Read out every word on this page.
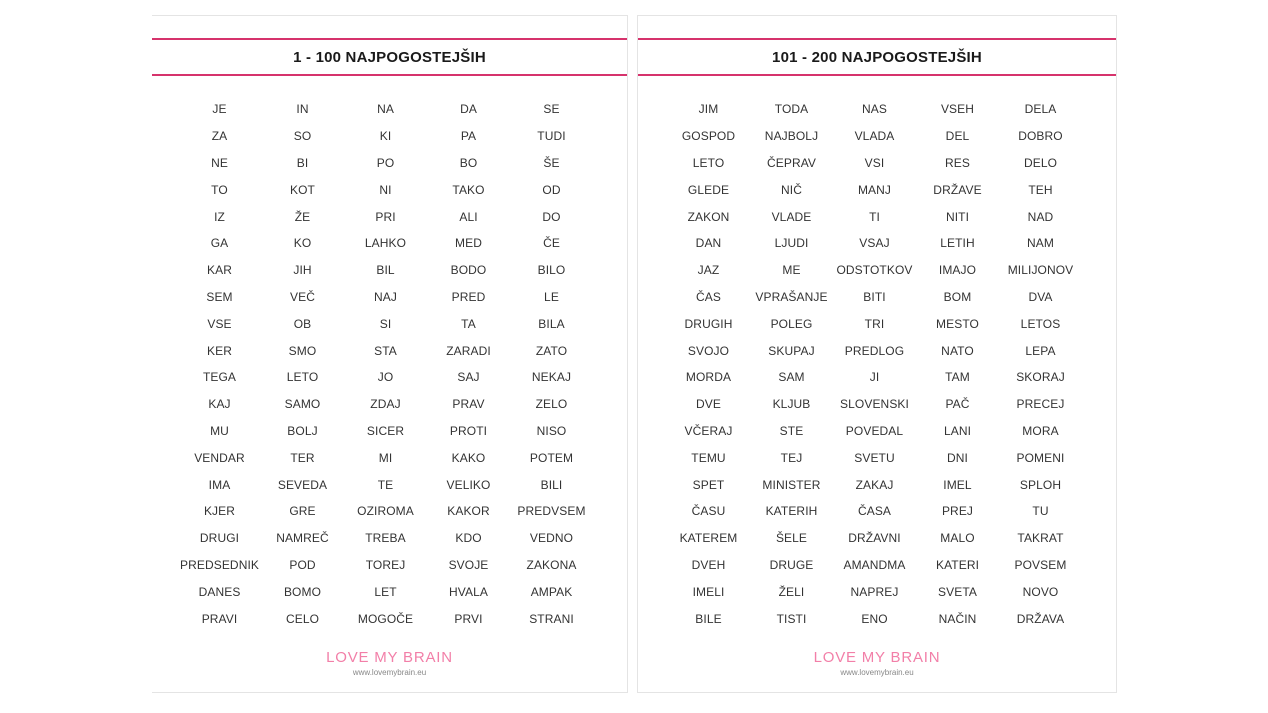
1 - 100 NAJPOGOSTEJŠIH
JE	IN	NA	DA	SE
ZA	SO	KI	PA	TUDI
NE	BI	PO	BO	ŠE
TO	KOT	NI	TAKO	OD
IZ	ŽE	PRI	ALI	DO
GA	KO	LAHKO	MED	ČE
KAR	JIH	BIL	BODO	BILO
SEM	VEČ	NAJ	PRED	LE
VSE	OB	SI	TA	BILA
KER	SMO	STA	ZARADI	ZATO
TEGA	LETO	JO	SAJ	NEKAJ
KAJ	SAMO	ZDAJ	PRAV	ZELO
MU	BOLJ	SICER	PROTI	NISO
VENDAR	TER	MI	KAKO	POTEM
IMA	SEVEDA	TE	VELIKO	BILI
KJER	GRE	OZIROMA	KAKOR	PREDVSEM
DRUGI	NAMREČ	TREBA	KDO	VEDNO
PREDSEDNIK	POD	TOREJ	SVOJE	ZAKONA
DANES	BOMO	LET	HVALA	AMPAK
PRAVI	CELO	MOGOČE	PRVI	STRANI
LOVE MY BRAIN
www.lovemybrain.eu
101 - 200 NAJPOGOSTEJŠIH
JIM	TODA	NAS	VSEH	DELA
GOSPOD	NAJBOLJ	VLADA	DEL	DOBRO
LETO	ČEPRAV	VSI	RES	DELO
GLEDE	NIČ	MANJ	DRŽAVE	TEH
ZAKON	VLADE	TI	NITI	NAD
DAN	LJUDI	VSAJ	LETIH	NAM
JAZ	ME	ODSTOTKOV	IMAJO	MILIJONOV
ČAS	VPRAŠANJE	BITI	BOM	DVA
DRUGIH	POLEG	TRI	MESTO	LETOS
SVOJO	SKUPAJ	PREDLOG	NATO	LEPA
MORDA	SAM	JI	TAM	SKORAJ
DVE	KLJUB	SLOVENSKI	PAČ	PRECEJ
VČERAJ	STE	POVEDAL	LANI	MORA
TEMU	TEJ	SVETU	DNI	POMENI
SPET	MINISTER	ZAKAJ	IMEL	SPLOH
ČASU	KATERIH	ČASA	PREJ	TU
KATEREM	ŠELE	DRŽAVNI	MALO	TAKRAT
DVEH	DRUGE	AMANDMA	KATERI	POVSEM
IMELI	ŽELI	NAPREJ	SVETA	NOVO
BILE	TISTI	ENO	NAČIN	DRŽAVA
LOVE MY BRAIN
www.lovemybrain.eu
